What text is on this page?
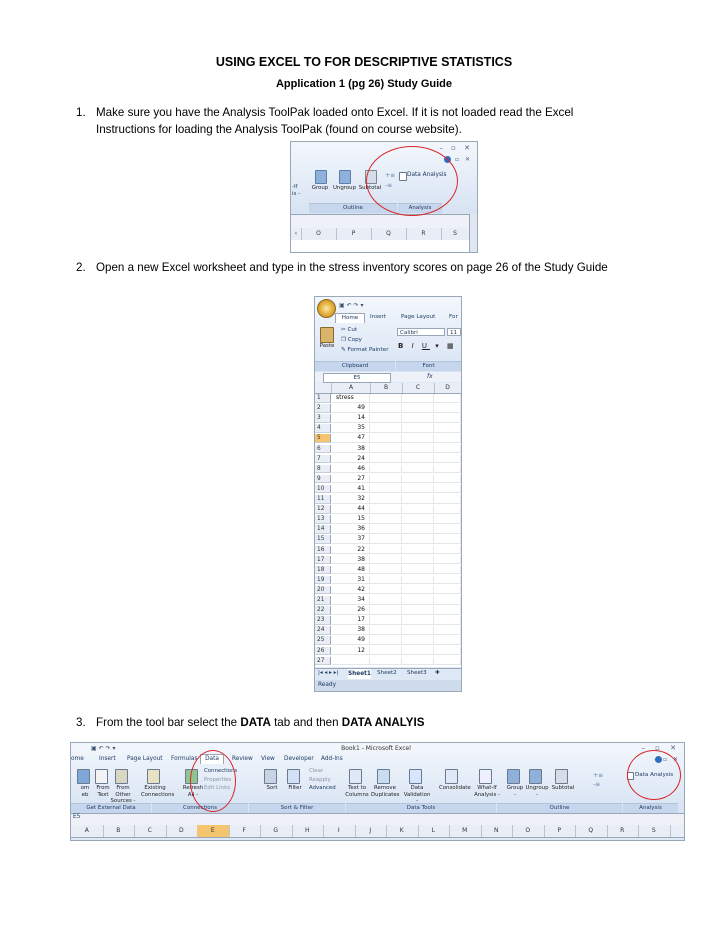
USING EXCEL TO FOR DESCRIPTIVE STATISTICS
Application 1 (pg 26) Study Guide
1. Make sure you have the Analysis ToolPak loaded onto Excel. If it is not loaded read the Excel
Instructions for loading the Analysis ToolPak (found on course website).
2. Open a new Excel worksheet and type in the stress inventory scores on page 26 of the Study Guide
3. From the tool bar select the DATA tab and then DATA ANALYIS
– ▫ ✕
– ▫ ✕
-If
is -
Group Ungroup Subtotal
+≡
-≡
Data Analysis
Outline	Analysis
‹	O	P	Q	R	S
▣ ↶ ↷ ▾
Home	Insert	Page Layout For
Paste
✂ Cut
❐ Copy
✎ Format Painter
Calibri	11
B I U ▾ ▦
Clipboard	Font
E5	fx
A	B	C	D
1	stress
2	49
3	14
4	35
5	47
6	38
7	24
8	46
9	27
10	41
11	32
12	44
13	15
14	36
15	37
16	22
17	38
18	48
19	31
20	42
21	34
22	26
23	17
24	38
25	49
26	12
27
|◂ ◂ ▸ ▸| Sheet1 Sheet2 Sheet3 ✚
Ready
▣ ↶ ↷ ▾	Book1 - Microsoft Excel	– ▫ ✕
ome	Insert Page Layout Formulas	Data	Review View Developer Add-Ins	– ▫ ✕
Connections
Properties
Edit Links
Clear
Reapply
Advanced
+≡
-≡
Data Analysis
Get External Data	Connections	Sort & Filter	Data Tools	Outline	Analysis
E5
A	B	C	D	E	F	G	H	I	J	K	L	M	N	O	P	Q	R	S
om
eb
From
Text
From Other
Sources -
Existing
Connections
Refresh
All -
Sort	Filter	Text to
Columns
Remove
Duplicates
Data
Validation -
Consolidate	What-If
Analysis -
Group
-
Ungroup
-
Subtotal
